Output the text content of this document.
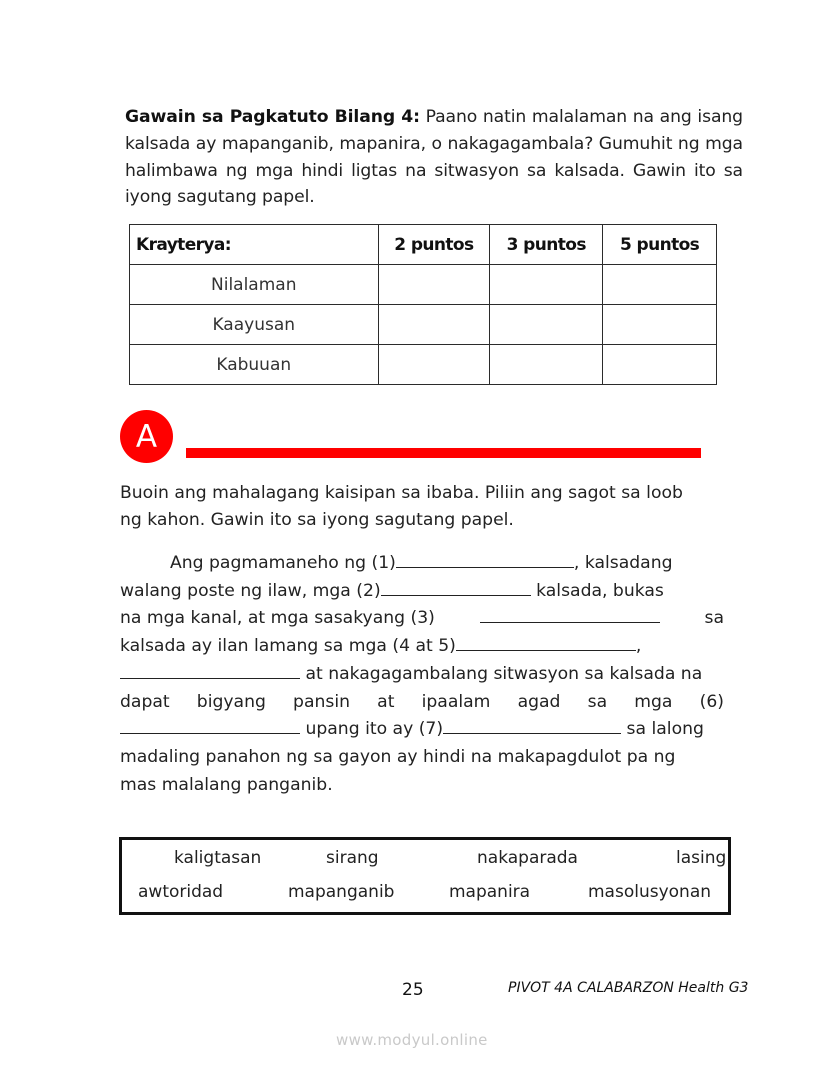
Gawain sa Pagkatuto Bilang 4: Paano natin malalaman na ang isang kalsada ay mapanganib, mapanira, o nakagagambala? Gumuhit ng mga halimbawa ng mga hindi ligtas na sitwasyon sa kalsada. Gawin ito sa iyong sagutang papel.
Krayterya:	2 puntos	3 puntos	5 puntos
Nilalaman			
Kaayusan			
Kabuuan			
A
Buoin ang mahalagang kaisipan sa ibaba. Piliin ang sagot sa loob
ng kahon. Gawin ito sa iyong sagutang papel.
Ang pagmamaneho ng (1)	, kalsadang
walang poste ng ilaw, mga (2)	kalsada, bukas
na mga kanal, at mga sasakyang (3)	sa
kalsada ay ilan lamang sa mga (4 at 5)	,
at nakagagambalang sitwasyon sa kalsada na
dapat bigyang pansin at ipaalam agad sa mga (6)
upang ito ay (7)	sa lalong
madaling panahon ng sa gayon ay hindi na makapagdulot pa ng
mas malalang panganib.
kaligtasan	sirang	nakaparada	lasing
awtoridad	mapanganib	mapanira	masolusyonan
25	PIVOT 4A CALABARZON Health G3
www.modyul.online
